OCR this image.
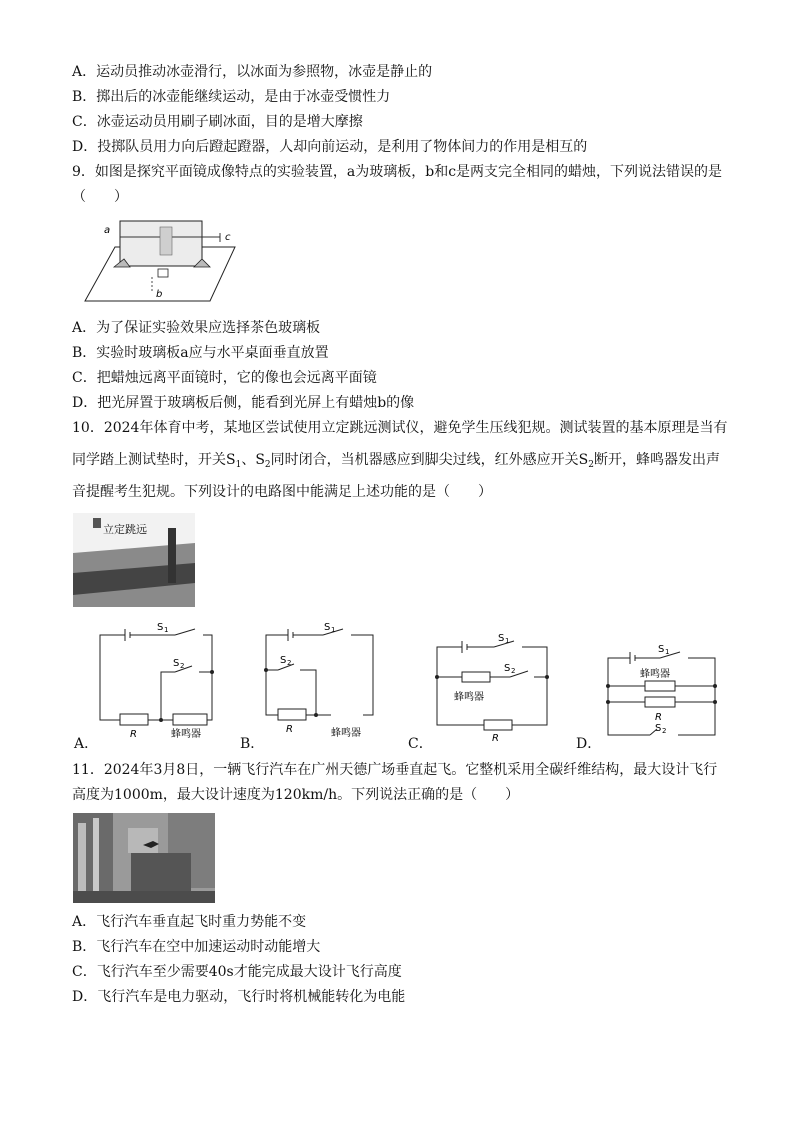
A．运动员推动冰壶滑行，以冰面为参照物，冰壶是静止的
B．掷出后的冰壶能继续运动，是由于冰壶受惯性力
C．冰壶运动员用刷子刷冰面，目的是增大摩擦
D．投掷队员用力向后蹬起蹬器，人却向前运动，是利用了物体间力的作用是相互的
9．如图是探究平面镜成像特点的实验装置，a为玻璃板，b和c是两支完全相同的蜡烛，下列说法错误的是
（　　）
a
b
c
A．为了保证实验效果应选择茶色玻璃板
B．实验时玻璃板a应与水平桌面垂直放置
C．把蜡烛远离平面镜时，它的像也会远离平面镜
D．把光屏置于玻璃板后侧，能看到光屏上有蜡烛b的像
10．2024年体育中考，某地区尝试使用立定跳远测试仪，避免学生压线犯规。测试装置的基本原理是当有
同学踏上测试垫时，开关$S_1$、$S_2$同时闭合，当机器感应到脚尖过线，红外感应开关$S_2$断开，蜂鸣器发出声
音提醒考生犯规。下列设计的电路图中能满足上述功能的是（　　）
立定跳远
S 1
S 2
R	蜂鸣器
A．
S 1
S 2
R	蜂鸣器
B．
S 1
S 2
蜂鸣器
R
C．
S 1
蜂鸣器
R
S 2
D．
11．2024年3月8日，一辆飞行汽车在广州天德广场垂直起飞。它整机采用全碳纤维结构，最大设计飞行
高度为1000m，最大设计速度为120km/h。下列说法正确的是（　　）
A．飞行汽车垂直起飞时重力势能不变
B．飞行汽车在空中加速运动时动能增大
C．飞行汽车至少需要40s才能完成最大设计飞行高度
D．飞行汽车是电力驱动，飞行时将机械能转化为电能
